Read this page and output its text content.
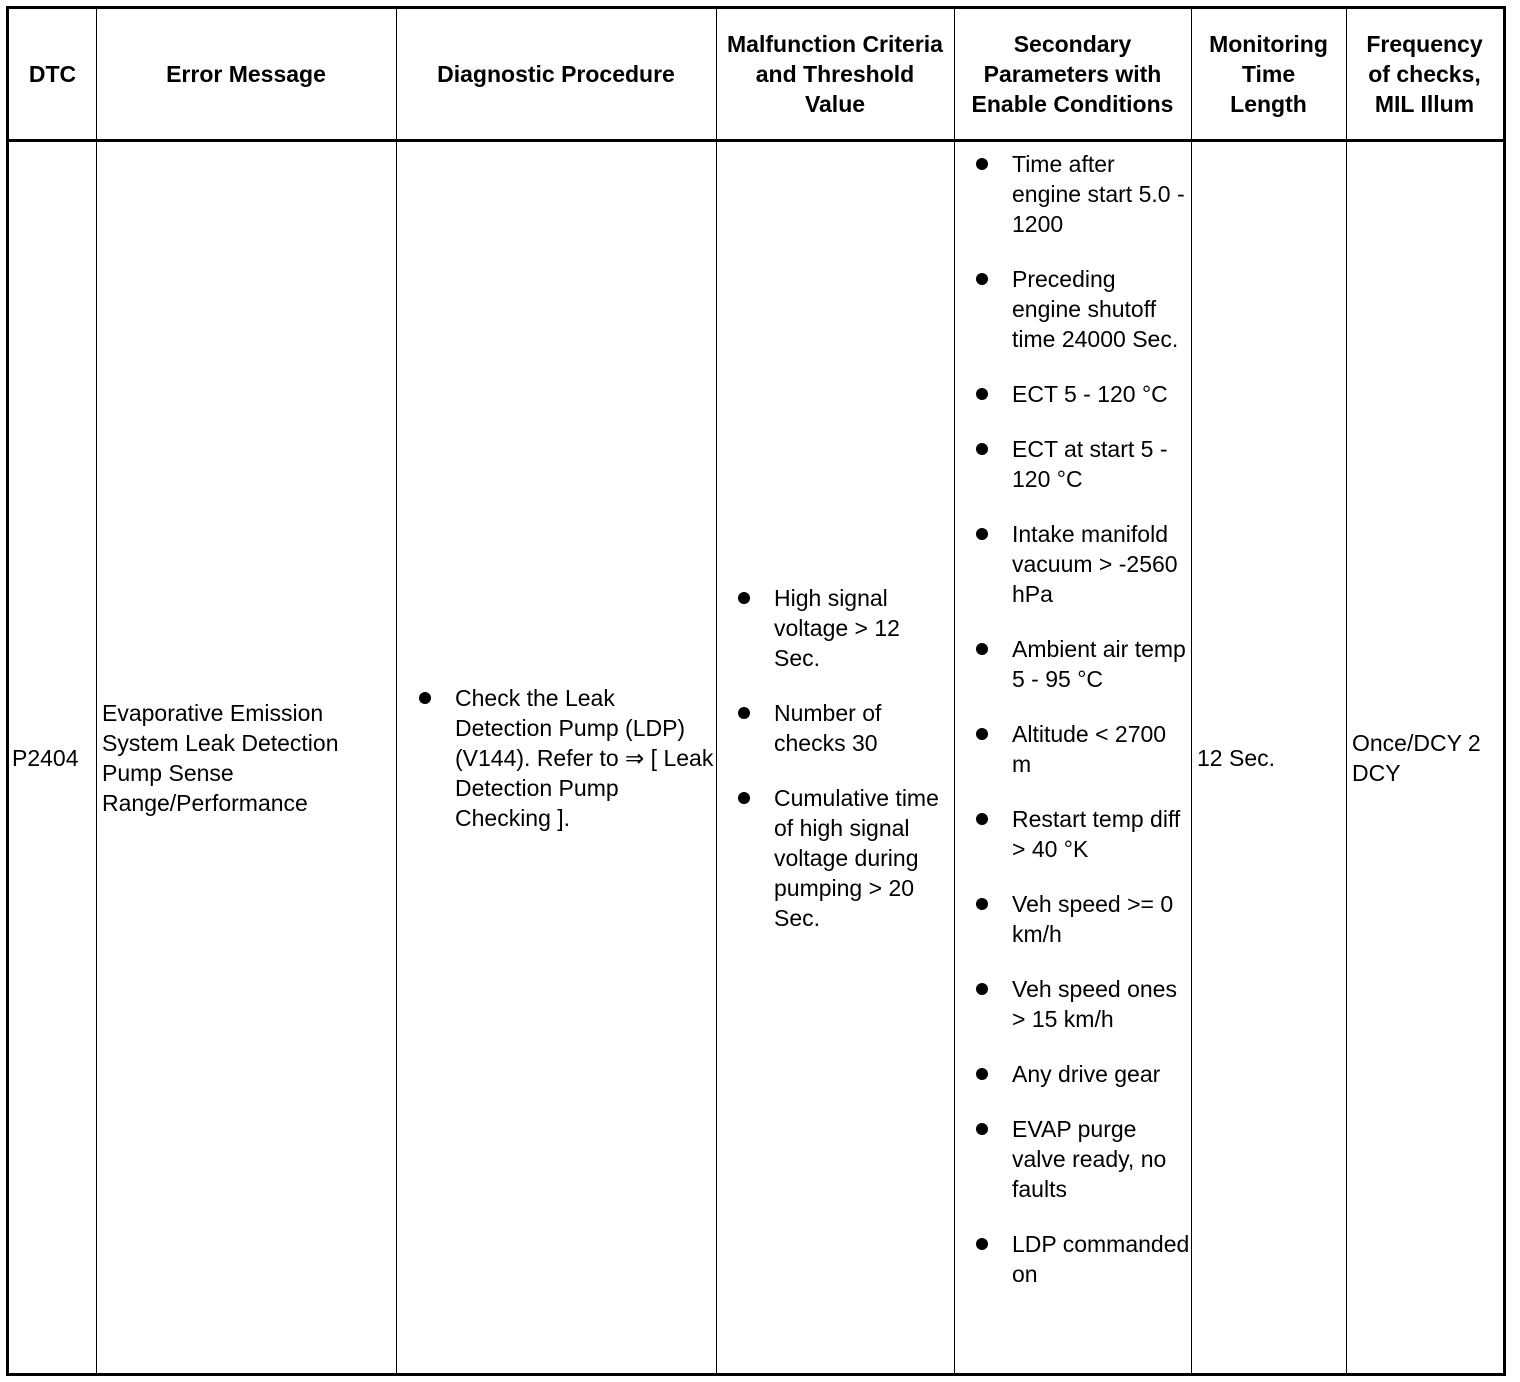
DTC	Error Message	Diagnostic Procedure
Malfunction Criteria and Threshold Value
Secondary Parameters with Enable Conditions
Monitoring Time Length
Frequency of checks, MIL Illum
P2404
Evaporative Emission System Leak Detection Pump Sense Range/Performance
Check the Leak Detection Pump (LDP) (V144). Refer to ⇒ [ Leak Detection Pump Checking ].
High signal voltage > 12 Sec.
Number of checks 30
Cumulative time of high signal voltage during pumping > 20 Sec.
Time after engine start 5.0 - 1200
Preceding engine shutoff time 24000 Sec.
ECT 5 - 120 °C
ECT at start 5 - 120 °C
Intake manifold vacuum > -2560 hPa
Ambient air temp 5 - 95 °C
Altitude < 2700 m
Restart temp diff > 40 °K
Veh speed >= 0 km/h
Veh speed ones > 15 km/h
Any drive gear
EVAP purge valve ready, no faults
LDP commanded on
12 Sec.
Once/DCY 2 DCY
